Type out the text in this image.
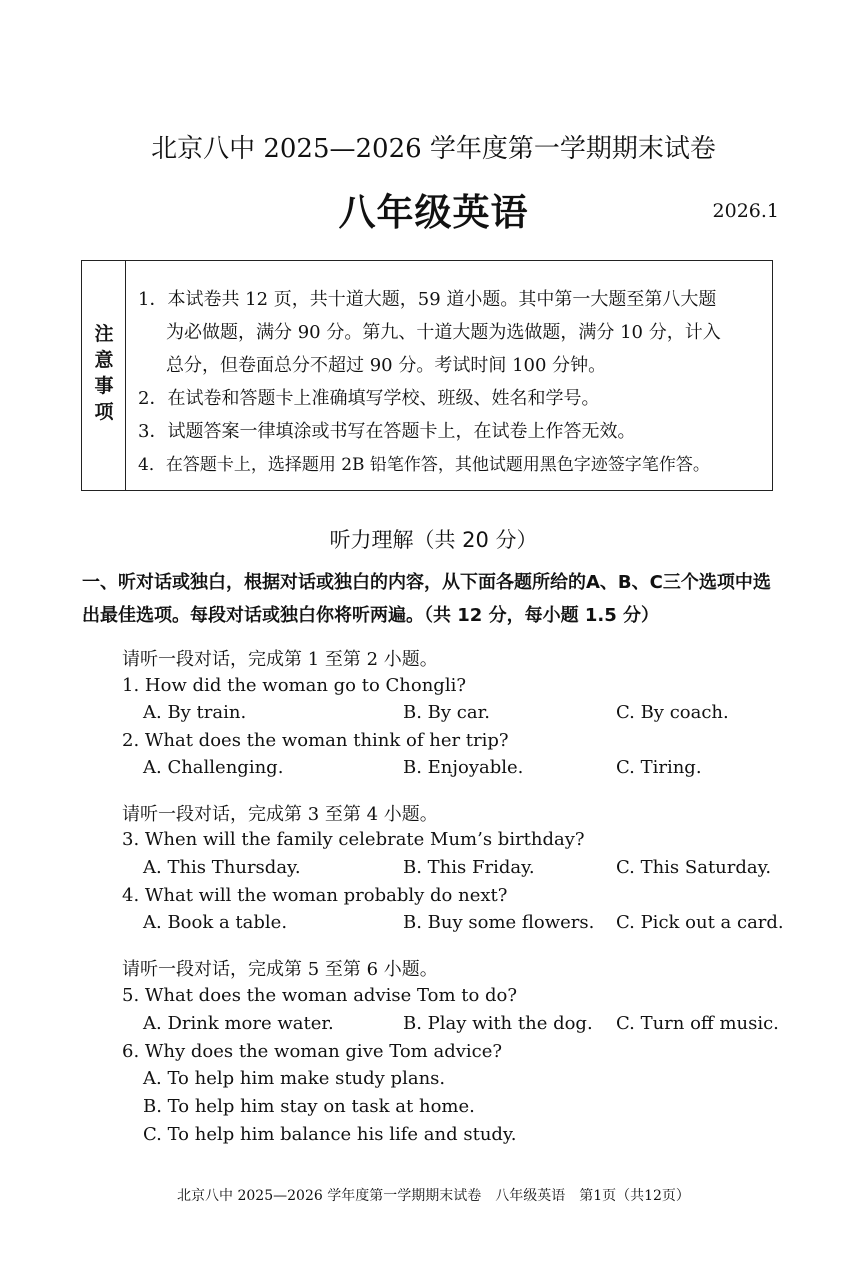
北京八中 2025—2026 学年度第一学期期末试卷
八年级英语	2026.1
注
意
事
项
1．本试卷共 12 页，共十道大题，59 道小题。其中第一大题至第八大题
为必做题，满分 90 分。第九、十道大题为选做题，满分 10 分，计入
总分，但卷面总分不超过 90 分。考试时间 100 分钟。
2．在试卷和答题卡上准确填写学校、班级、姓名和学号。
3．试题答案一律填涂或书写在答题卡上，在试卷上作答无效。
4．在答题卡上，选择题用 2B 铅笔作答，其他试题用黑色字迹签字笔作答。
听力理解（共 20 分）
一、听对话或独白，根据对话或独白的内容，从下面各题所给的A、B、C三个选项中选
出最佳选项。每段对话或独白你将听两遍。（共 12 分，每小题 1.5 分）
请听一段对话，完成第 1 至第 2 小题。
1. How did the woman go to Chongli?
A. By train.	B. By car.	C. By coach.
2. What does the woman think of her trip?
A. Challenging.	B. Enjoyable.	C. Tiring.
请听一段对话，完成第 3 至第 4 小题。
3. When will the family celebrate Mum’s birthday?
A. This Thursday.	B. This Friday.	C. This Saturday.
4. What will the woman probably do next?
A. Book a table.	B. Buy some flowers. C. Pick out a card.
请听一段对话，完成第 5 至第 6 小题。
5. What does the woman advise Tom to do?
A. Drink more water.	B. Play with the dog. C. Turn off music.
6. Why does the woman give Tom advice?
A. To help him make study plans.
B. To help him stay on task at home.
C. To help him balance his life and study.
北京八中 2025—2026 学年度第一学期期末试卷　八年级英语　第1页（共12页）
